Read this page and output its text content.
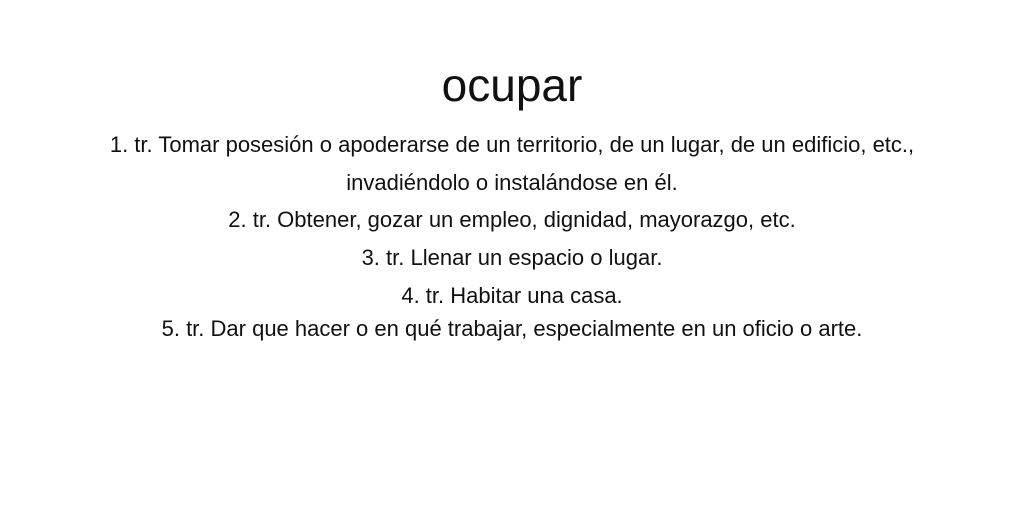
ocupar
1. tr. Tomar posesión o apoderarse de un territorio, de un lugar, de un edificio, etc., invadiéndolo o instalándose en él.
2. tr. Obtener, gozar un empleo, dignidad, mayorazgo, etc.
3. tr. Llenar un espacio o lugar.
4. tr. Habitar una casa.
5. tr. Dar que hacer o en qué trabajar, especialmente en un oficio o arte.
